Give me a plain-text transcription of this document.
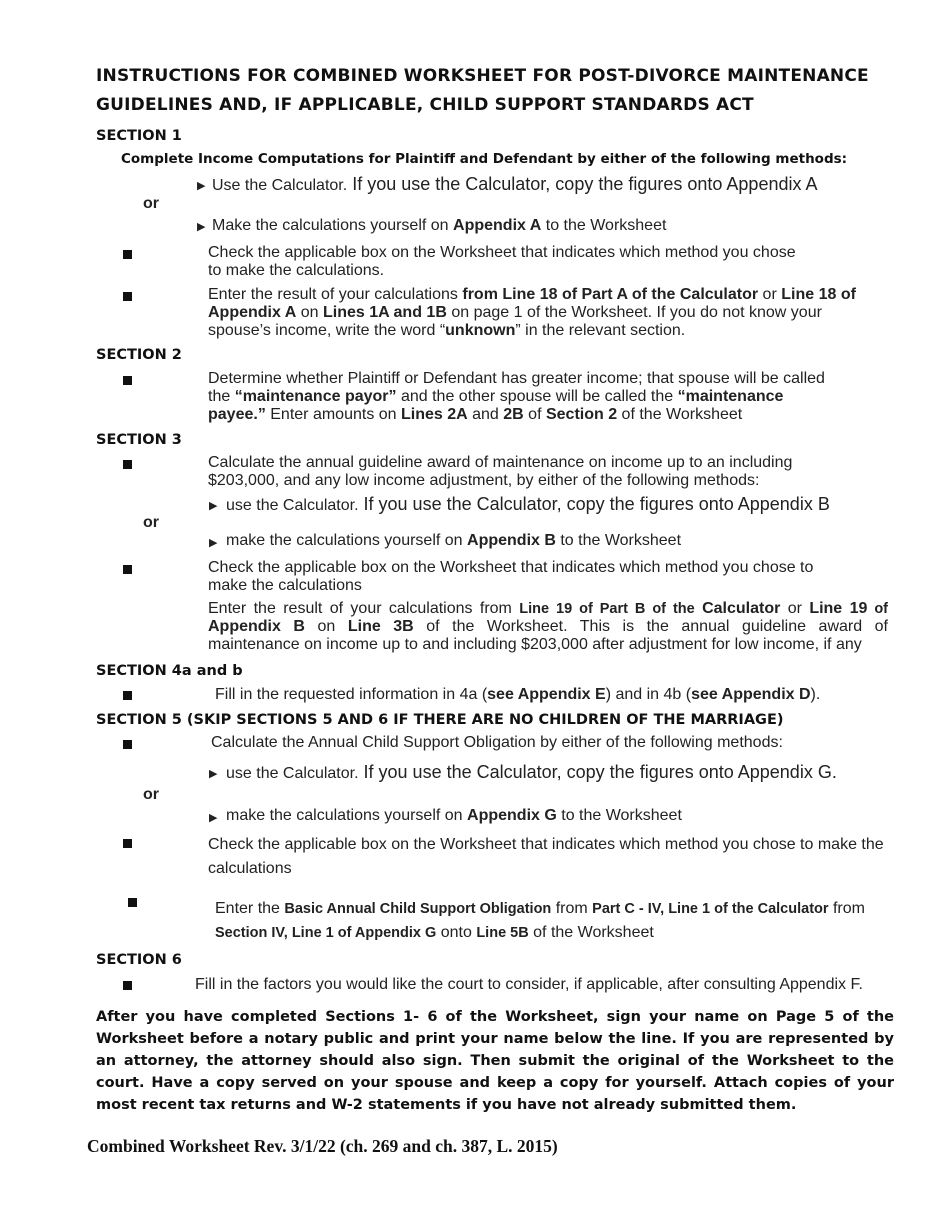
INSTRUCTIONS FOR COMBINED WORKSHEET FOR POST-DIVORCE MAINTENANCE
GUIDELINES AND, IF APPLICABLE, CHILD SUPPORT STANDARDS ACT
SECTION 1
Complete Income Computations for Plaintiff and Defendant by either of the following methods:
▶ Use the Calculator. If you use the Calculator, copy the figures onto Appendix A
or
▶ Make the calculations yourself on Appendix A to the Worksheet
Check the applicable box on the Worksheet that indicates which method you chose
to make the calculations.
Enter the result of your calculations from Line 18 of Part A of the Calculator or Line 18 of
Appendix A on Lines 1A and 1B on page 1 of the Worksheet. If you do not know your
spouse’s income, write the word “unknown” in the relevant section.
SECTION 2
Determine whether Plaintiff or Defendant has greater income; that spouse will be called
the “maintenance payor” and the other spouse will be called the “maintenance
payee.” Enter amounts on Lines 2A and 2B of Section 2 of the Worksheet
SECTION 3
Calculate the annual guideline award of maintenance on income up to an including
$203,000, and any low income adjustment, by either of the following methods:
▶ use the Calculator. If you use the Calculator, copy the figures onto Appendix B
or
▶ make the calculations yourself on Appendix B to the Worksheet
Check the applicable box on the Worksheet that indicates which method you chose to
make the calculations
Enter the result of your calculations from Line 19 of Part B of the Calculator or Line 19 of
Appendix B on Line 3B of the Worksheet. This is the annual guideline award of
maintenance on income up to and including $203,000 after adjustment for low income, if any
SECTION 4a and b
Fill in the requested information in 4a (see Appendix E) and in 4b (see Appendix D).
SECTION 5 (SKIP SECTIONS 5 AND 6 IF THERE ARE NO CHILDREN OF THE MARRIAGE)
Calculate the Annual Child Support Obligation by either of the following methods:
▶ use the Calculator. If you use the Calculator, copy the figures onto Appendix G.
or
▶ make the calculations yourself on Appendix G to the Worksheet
Check the applicable box on the Worksheet that indicates which method you chose to make the
calculations
Enter the Basic Annual Child Support Obligation from Part C - IV, Line 1 of the Calculator from
Section IV, Line 1 of Appendix G onto Line 5B of the Worksheet
SECTION 6
Fill in the factors you would like the court to consider, if applicable, after consulting Appendix F.
After you have completed Sections 1- 6 of the Worksheet, sign your name on Page 5 of the Worksheet before a notary public and print your name below the line. If you are represented by an attorney, the attorney should also sign. Then submit the original of the Worksheet to the court. Have a copy served on your spouse and keep a copy for yourself. Attach copies of your most recent tax returns and W-2 statements if you have not already submitted them.
Combined Worksheet Rev. 3/1/22 (ch. 269 and ch. 387, L. 2015)
